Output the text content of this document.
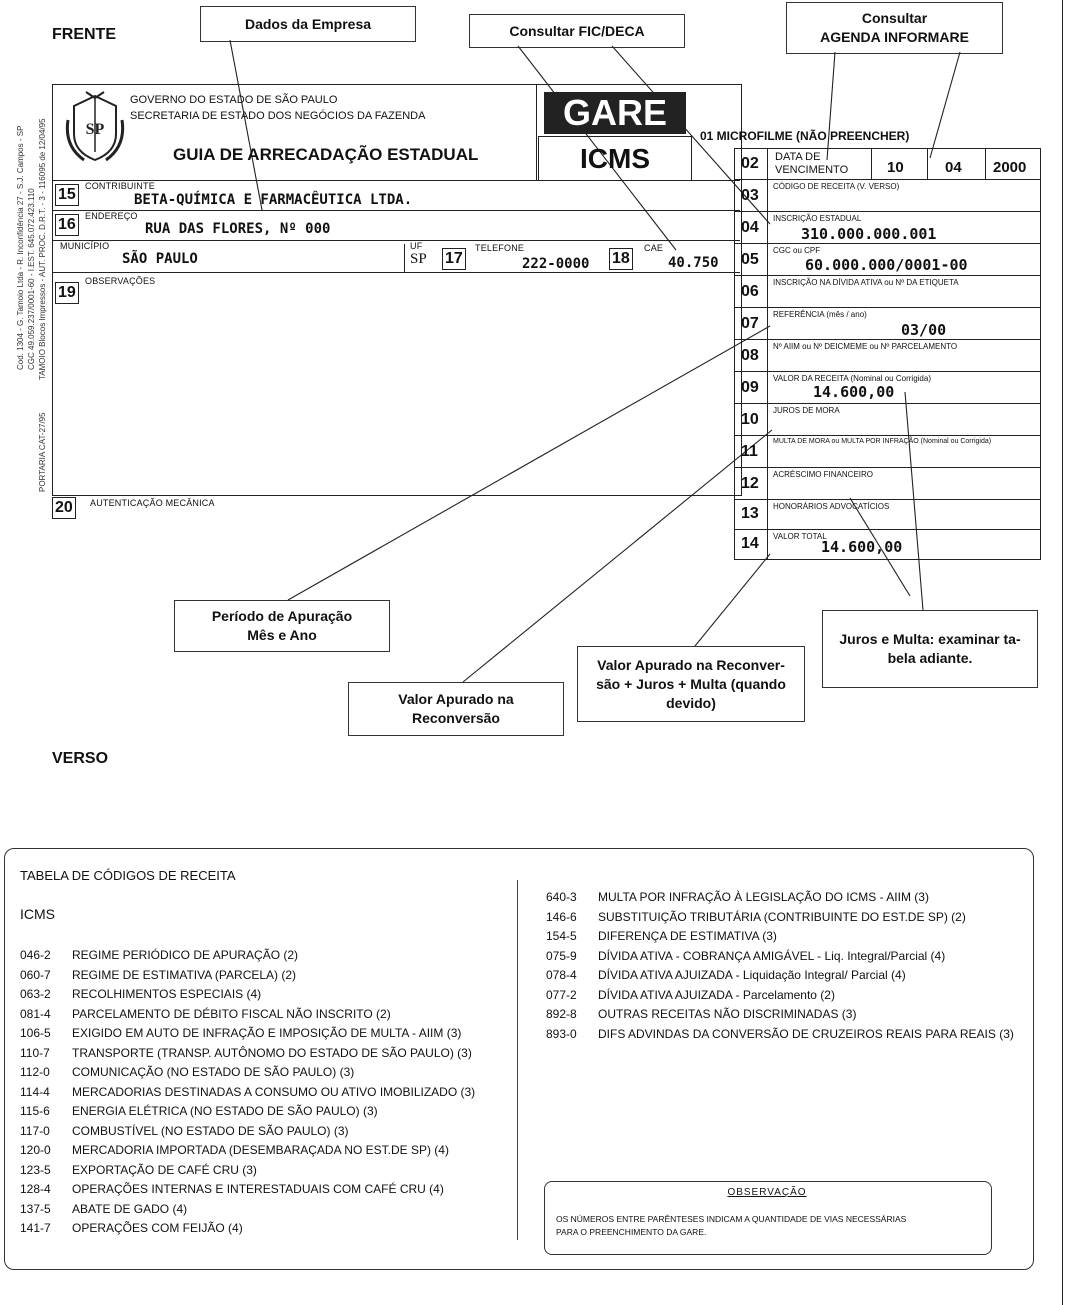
FRENTE
VERSO
Dados da Empresa	Consultar FIC/DECA
Consultar
AGENDA INFORMARE
Período de Apuração
Mês e Ano
Valor Apurado na
Reconversão
Valor Apurado na Reconver-
são + Juros + Multa (quando
devido)
Juros e Multa: examinar ta-
bela adiante.
Cod. 1304 - G. Tamoio Ltda - R. Inconfidência 27 - S.J. Campos - SP CGC 49.059.237/0001-60 - I.EST. 645.072.423.110 TAMOIO Blocos Impressos - AUT. PROC. D.R.T. - 3 - 116095 de 12/04/95
PORTARIA CAT-27/95
SP
GOVERNO DO ESTADO DE SÃO PAULO
SECRETARIA DE ESTADO DOS NEGÓCIOS DA FAZENDA
GUIA DE ARRECADAÇÃO ESTADUAL
GARE
ICMS
01 MICROFILME (NÃO PREENCHER)
15	CONTRIBUINTE
BETA-QUÍMICA E FARMACÊUTICA LTDA.
16	ENDEREÇO
RUA DAS FLORES, Nº 000
MUNICÍPIO
SÃO PAULO
UF
SP 17
TELEFONE
222-0000 18
CAE
40.750
19
OBSERVAÇÕES
20	AUTENTICAÇÃO MECÂNICA
02 DATA DE
VENCIMENTO	10	04 2000
03
CÓDIGO DE RECEITA (V. VERSO)
04
INSCRIÇÃO ESTADUAL
310.000.000.001
05
CGC ou CPF
60.000.000/0001-00
06
INSCRIÇÃO NA DÍVIDA ATIVA ou Nº DA ETIQUETA
07
REFERÊNCIA (mês / ano)
03/00
08
Nº AIIM ou Nº DEICMEME ou Nº PARCELAMENTO
09
VALOR DA RECEITA (Nominal ou Corrigida)
14.600,00
10
JUROS DE MORA
11
MULTA DE MORA ou MULTA POR INFRAÇÃO (Nominal ou Corrigida)
12
ACRÉSCIMO FINANCEIRO
13 HONORÁRIOS ADVOCATÍCIOS
14 VALOR TOTAL
14.600,00
TABELA DE CÓDIGOS DE RECEITA
ICMS
046-2 REGIME PERIÓDICO DE APURAÇÃO (2)
060-7 REGIME DE ESTIMATIVA (PARCELA) (2)
063-2 RECOLHIMENTOS ESPECIAIS (4)
081-4 PARCELAMENTO DE DÉBITO FISCAL NÃO INSCRITO (2)
106-5 EXIGIDO EM AUTO DE INFRAÇÃO E IMPOSIÇÃO DE MULTA - AIIM (3)
110-7 TRANSPORTE (TRANSP. AUTÔNOMO DO ESTADO DE SÃO PAULO) (3)
112-0 COMUNICAÇÃO (NO ESTADO DE SÃO PAULO) (3)
114-4 MERCADORIAS DESTINADAS A CONSUMO OU ATIVO IMOBILIZADO (3)
115-6 ENERGIA ELÉTRICA (NO ESTADO DE SÃO PAULO) (3)
117-0 COMBUSTÍVEL (NO ESTADO DE SÃO PAULO) (3)
120-0 MERCADORIA IMPORTADA (DESEMBARAÇADA NO EST.DE SP) (4)
123-5 EXPORTAÇÃO DE CAFÉ CRU (3)
128-4 OPERAÇÕES INTERNAS E INTERESTADUAIS COM CAFÉ CRU (4)
137-5 ABATE DE GADO (4)
141-7 OPERAÇÕES COM FEIJÃO (4)
640-3 MULTA POR INFRAÇÃO À LEGISLAÇÃO DO ICMS - AIIM (3)
146-6 SUBSTITUIÇÃO TRIBUTÁRIA (CONTRIBUINTE DO EST.DE SP) (2)
154-5 DIFERENÇA DE ESTIMATIVA (3)
075-9 DÍVIDA ATIVA - COBRANÇA AMIGÁVEL - Liq. Integral/Parcial (4)
078-4 DÍVIDA ATIVA AJUIZADA - Liquidação Integral/ Parcial (4)
077-2 DÍVIDA ATIVA AJUIZADA - Parcelamento (2)
892-8 OUTRAS RECEITAS NÃO DISCRIMINADAS (3)
893-0 DIFS ADVINDAS DA CONVERSÃO DE CRUZEIROS REAIS PARA REAIS (3)
OBSERVAÇÃO
OS NÚMEROS ENTRE PARÊNTESES INDICAM A QUANTIDADE DE VIAS NECESSÁRIAS
PARA O PREENCHIMENTO DA GARE.
